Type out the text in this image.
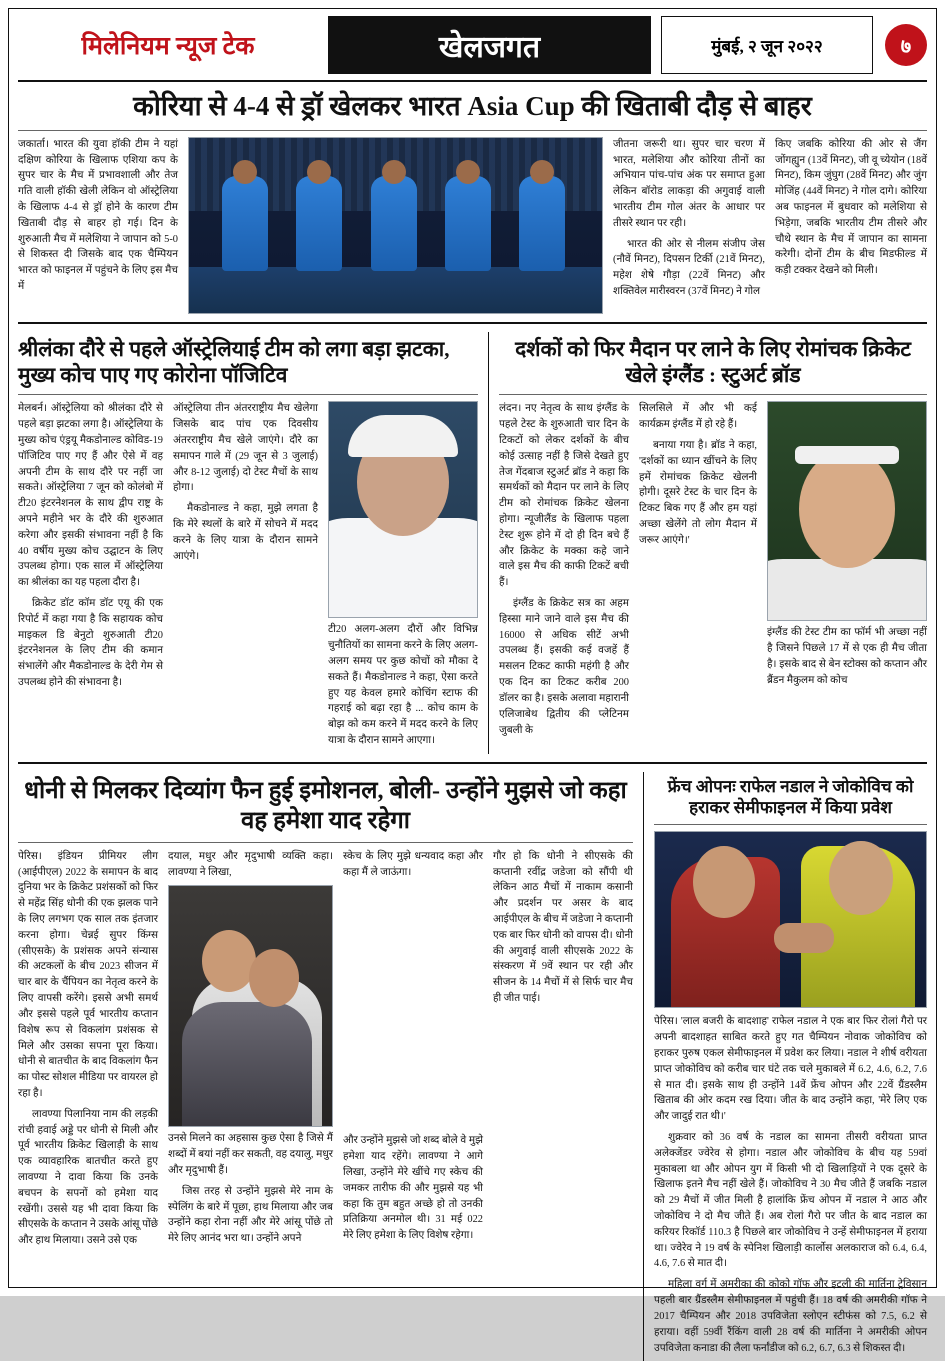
मिलेनियम न्यूज टेक	खेलजगत	मुंबई, २ जून २०२२	७
कोरिया से 4-4 से ड्रॉ खेलकर भारत Asia Cup की खिताबी दौड़ से बाहर

जकार्ता। भारत की युवा हॉकी टीम ने यहां दक्षिण कोरिया के खिलाफ एशिया कप के सुपर चार के मैच में प्रभावशाली और तेज गति वाली हॉकी खेली लेकिन वो ऑस्ट्रेलिया के खिलाफ 4-4 से ड्रॉ होने के कारण टीम खिताबी दौड़ से बाहर हो गई। दिन के शुरुआती मैच में मलेशिया ने जापान को 5-0 से शिकस्त दी जिसके बाद एक चैम्पियन भारत को फाइनल में पहुंचने के लिए इस मैच में

जीतना जरूरी था। सुपर चार चरण में भारत, मलेशिया और कोरिया तीनों का अभियान पांच-पांच अंक पर समाप्त हुआ लेकिन बॉरोड लाकड़ा की अगुवाई वाली भारतीय टीम गोल अंतर के आधार पर तीसरे स्थान पर रही।

भारत की ओर से नीलम संजीप जेस (नौवें मिनट), दिपसन टिर्की (21वें मिनट), महेश शेषे गौड़ा (22वें मिनट) और शक्तिवेल मारीस्वरन (37वें मिनट) ने गोल

किए जबकि कोरिया की ओर से जैंग जोंगह्युन (13वें मिनट), जी वू च्येयोन (18वें मिनट), किम जुंघुग (28वें मिनट) और जुंग मोजिंह (44वें मिनट) ने गोल दागे। कोरिया अब फाइनल में बुधवार को मलेशिया से भिड़ेगा, जबकि भारतीय टीम तीसरे और चौथे स्थान के मैच में जापान का सामना करेगी। दोनों टीम के बीच मिडफील्ड में कड़ी टक्कर देखने को मिली।

श्रीलंका दौरे से पहले ऑस्ट्रेलियाई टीम को लगा बड़ा झटका, मुख्य कोच पाए गए कोरोना पॉजिटिव

मेलबर्न। ऑस्ट्रेलिया को श्रीलंका दौरे से पहले बड़ा झटका लगा है। ऑस्ट्रेलिया के मुख्य कोच एंड्रयू मैकडोनाल्ड कोविड-19 पॉजिटिव पाए गए हैं और ऐसे में वह अपनी टीम के साथ दौरे पर नहीं जा सकते। ऑस्ट्रेलिया 7 जून को कोलंबो में टी20 इंटरनेशनल के साथ द्वीप राष्ट्र के अपने महीने भर के दौरे की शुरुआत करेगा और इसकी संभावना नहीं है कि 40 वर्षीय मुख्य कोच उद्घाटन के लिए उपलब्ध होगा। एक साल में ऑस्ट्रेलिया का श्रीलंका का यह पहला दौरा है।

क्रिकेट डॉट कॉम डॉट एयू की एक रिपोर्ट में कहा गया है कि सहायक कोच माइकल डि बेनुटो शुरुआती टी20 इंटरनेशनल के लिए टीम की कमान संभालेंगे और मैकडोनाल्ड के देरी गेम से उपलब्ध होने की संभावना है।

ऑस्ट्रेलिया तीन अंतरराष्ट्रीय मैच खेलेगा जिसके बाद पांच एक दिवसीय अंतरराष्ट्रीय मैच खेले जाएंगे। दौरे का समापन गाले में (29 जून से 3 जुलाई) और 8-12 जुलाई) दो टेस्ट मैचों के साथ होगा।

मैकडोनाल्ड ने कहा, मुझे लगता है कि मेरे स्थलों के बारे में सोचने में मदद करने के लिए यात्रा के दौरान सामने आएंगे।

टी20 अलग-अलग दौरों और विभिन्न चुनौतियों का सामना करने के लिए अलग-अलग समय पर कुछ कोचों को मौका दे सकते हैं। मैकडोनाल्ड ने कहा, ऐसा करते हुए यह केवल हमारे कोचिंग स्टाफ की गहराई को बढ़ा रहा है ... कोच काम के बोझ को कम करने में मदद करने के लिए यात्रा के दौरान सामने आएगा।

दर्शकों को फिर मैदान पर लाने के लिए रोमांचक क्रिकेट खेले इंग्लैंड : स्टुअर्ट ब्रॉड

लंदन। नए नेतृत्व के साथ इंग्लैंड के पहले टेस्ट के शुरुआती चार दिन के टिकटों को लेकर दर्शकों के बीच कोई उत्साह नहीं है जिसे देखते हुए तेज गेंदबाज स्टुअर्ट ब्रॉड ने कहा कि समर्थकों को मैदान पर लाने के लिए टीम को रोमांचक क्रिकेट खेलना होगा। न्यूजीलैंड के खिलाफ पहला टेस्ट शुरू होने में दो ही दिन बचे हैं और क्रिकेट के मक्का कहे जाने वाले इस मैच की काफी टिकटें बची हैं।

इंग्लैंड के क्रिकेट सत्र का अहम हिस्सा माने जाने वाले इस मैच की 16000 से अधिक सीटें अभी उपलब्ध हैं। इसकी कई वजहें हैं मसलन टिकट काफी महंगी है और एक दिन का टिकट करीब 200 डॉलर का है। इसके अलावा महारानी एलिजाबेथ द्वितीय की प्लेटिनम जुबली के

सिलसिले में और भी कई कार्यक्रम इंग्लैंड में हो रहे हैं।

बनाया गया है। ब्रॉड ने कहा, 'दर्शकों का ध्यान खींचने के लिए हमें रोमांचक क्रिकेट खेलनी होगी। दूसरे टेस्ट के चार दिन के टिकट बिक गए हैं और हम यहां अच्छा खेलेंगे तो लोग मैदान में जरूर आएंगे।'

इंग्लैंड की टेस्ट टीम का फॉर्म भी अच्छा नहीं है जिसने पिछले 17 में से एक ही मैच जीता है। इसके बाद से बेन स्टोक्स को कप्तान और ब्रैंडन मैकुलम को कोच

धोनी से मिलकर दिव्यांग फैन हुई इमोशनल, बोली- उन्होंने मुझसे जो कहा वह हमेशा याद रहेगा

पेरिस। इंडियन प्रीमियर लीग (आईपीएल) 2022 के समापन के बाद दुनिया भर के क्रिकेट प्रशंसकों को फिर से महेंद्र सिंह धोनी की एक झलक पाने के लिए लगभग एक साल तक इंतजार करना होगा। चेन्नई सुपर किंग्स (सीएसके) के प्रशंसक अपने संन्यास की अटकलों के बीच 2023 सीजन में चार बार के चैंपियन का नेतृत्व करने के लिए वापसी करेंगे। इससे अभी समर्थ और इससे पहले पूर्व भारतीय कप्तान विशेष रूप से विकलांग प्रशंसक से मिले और उसका सपना पूरा किया। धोनी से बातचीत के बाद विकलांग फैन का पोस्ट सोशल मीडिया पर वायरल हो रहा है।

लावण्या पिलानिया नाम की लड़की रांची हवाई अड्डे पर धोनी से मिली और पूर्व भारतीय क्रिकेट खिलाड़ी के साथ एक व्यावहारिक बातचीत करते हुए लावण्या ने दावा किया कि उनके बचपन के सपनों को हमेशा याद रखेंगी। उससे यह भी दावा किया कि सीएसके के कप्तान ने उसके आंसू पोंछे और हाथ मिलाया। उसने उसे एक

दयाल, मधुर और मृदुभाषी व्यक्ति कहा। लावण्या ने लिखा,

उनसे मिलने का अहसास कुछ ऐसा है जिसे मैं शब्दों में बयां नहीं कर सकती, वह दयालु, मधुर और मृदुभाषी हैं।

जिस तरह से उन्होंने मुझसे मेरे नाम के स्पेलिंग के बारे में पूछा, हाथ मिलाया और जब उन्होंने कहा रोना नहीं और मेरे आंसू पोंछे तो मेरे लिए आनंद भरा था। उन्होंने अपने

स्केच के लिए मुझे धन्यवाद कहा और कहा मैं ले जाऊंगा।

और उन्होंने मुझसे जो शब्द बोले वे मुझे हमेशा याद रहेंगे। लावण्या ने आगे लिखा, उन्होंने मेरे खींचे गए स्केच की जमकर तारीफ की और मुझसे यह भी कहा कि तुम बहुत अच्छे हो तो उनकी प्रतिक्रिया अनमोल थी। 31 मई 022 मेरे लिए हमेशा के लिए विशेष रहेगा।

गौर हो कि धोनी ने सीएसके की कप्तानी रवींद्र जडेजा को सौंपी थी लेकिन आठ मैचों में नाकाम कसानी और प्रदर्शन पर असर के बाद आईपीएल के बीच में जडेजा ने कप्तानी एक बार फिर धोनी को वापस दी। धोनी की अगुवाई वाली सीएसके 2022 के संस्करण में 9वें स्थान पर रही और सीजन के 14 मैचों में से सिर्फ चार मैच ही जीत पाई।

फ्रेंच ओपनः राफेल नडाल ने जोकोविच को हराकर सेमीफाइनल में किया प्रवेश

पेरिस। 'लाल बजरी के बादशाह' राफेल नडाल ने एक बार फिर रोलां गैरो पर अपनी बादशाहत साबित करते हुए गत चैम्पियन नोवाक जोकोविच को हराकर पुरुष एकल सेमीफाइनल में प्रवेश कर लिया। नडाल ने शीर्ष वरीयता प्राप्त जोकोविच को करीब चार घंटे तक चले मुकाबले में 6.2, 4.6, 6.2, 7.6 से मात दी। इसके साथ ही उन्होंने 14वें फ्रेंच ओपन और 22वें ग्रैंडस्लैम खिताब की ओर कदम रख दिया। जीत के बाद उन्होंने कहा, 'मेरे लिए एक और जादुई रात थी।'

शुक्रवार को 36 वर्ष के नडाल का सामना तीसरी वरीयता प्राप्त अलेक्जेंडर ज्वेरेव से होगा। नडाल और जोकोविच के बीच यह 59वां मुकाबला था और ओपन युग में किसी भी दो खिलाड़ियों ने एक दूसरे के खिलाफ इतने मैच नहीं खेले हैं। जोकोविच ने 30 मैच जीते हैं जबकि नडाल को 29 मैचों में जीत मिली है हालांकि फ्रेंच ओपन में नडाल ने आठ और जोकोविच ने दो मैच जीते हैं। अब रोलां गैरो पर जीत के बाद नडाल का करियर रिकॉर्ड 110.3 है पिछले बार जोकोविच ने उन्हें सेमीफाइनल में हराया था। ज्वेरेव ने 19 वर्ष के स्पेनिश खिलाड़ी कार्लोस अलकाराज को 6.4, 6.4, 4.6, 7.6 से मात दी।

महिला वर्ग में अमरीका की कोको गॉफ और इटली की मार्तिना ट्रेविसान पहली बार ग्रैंडस्लैम सेमीफाइनल में पहुंची हैं। 18 वर्ष की अमरीकी गॉफ ने 2017 चैम्पियन और 2018 उपविजेता स्लोएन स्टीफंस को 7.5, 6.2 से हराया। वहीं 59वीं रैंकिंग वाली 28 वर्ष की मार्तिना ने अमरीकी ओपन उपविजेता कनाडा की लैला फर्नांडीज को 6.2, 6.7, 6.3 से शिकस्त दी।
